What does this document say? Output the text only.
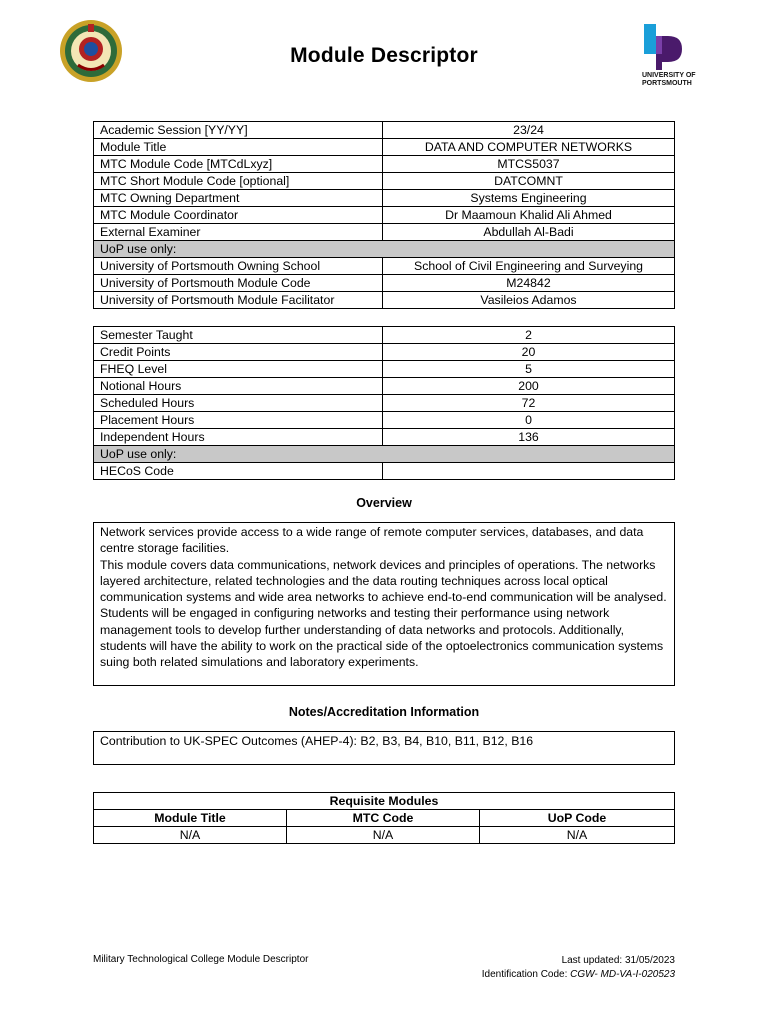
Module Descriptor
UNIVERSITY OF
PORTSMOUTH
Academic Session [YY/YY]	23/24
Module Title	DATA AND COMPUTER NETWORKS
MTC Module Code [MTCdLxyz]	MTCS5037
MTC Short Module Code [optional]	DATCOMNT
MTC Owning Department	Systems Engineering
MTC Module Coordinator	Dr Maamoun Khalid Ali Ahmed
External Examiner	Abdullah Al-Badi
UoP use only:	
University of Portsmouth Owning School	School of Civil Engineering and Surveying
University of Portsmouth Module Code	M24842
University of Portsmouth Module Facilitator	Vasileios Adamos
Semester Taught	2
Credit Points	20
FHEQ Level	5
Notional Hours	200
Scheduled Hours	72
Placement Hours	0
Independent Hours	136
UoP use only:	
HECoS Code	
Overview

Network services provide access to a wide range of remote computer services, databases, and data centre storage facilities.

This module covers data communications, network devices and principles of operations. The networks layered architecture, related technologies and the data routing techniques across local optical communication systems and wide area networks to achieve end-to-end communication will be analysed. Students will be engaged in configuring networks and testing their performance using network management tools to develop further understanding of data networks and protocols. Additionally, students will have the ability to work on the practical side of the optoelectronics communication systems suing both related simulations and laboratory experiments.

Notes/Accreditation Information

Contribution to UK-SPEC Outcomes (AHEP-4): B2, B3, B4, B10, B11, B12, B16

Requisite Modules		
Module Title	MTC Code	UoP Code
N/A	N/A	N/A
Military Technological College Module Descriptor	Last updated: 31/05/2023
Identification Code: CGW- MD-VA-I-020523
